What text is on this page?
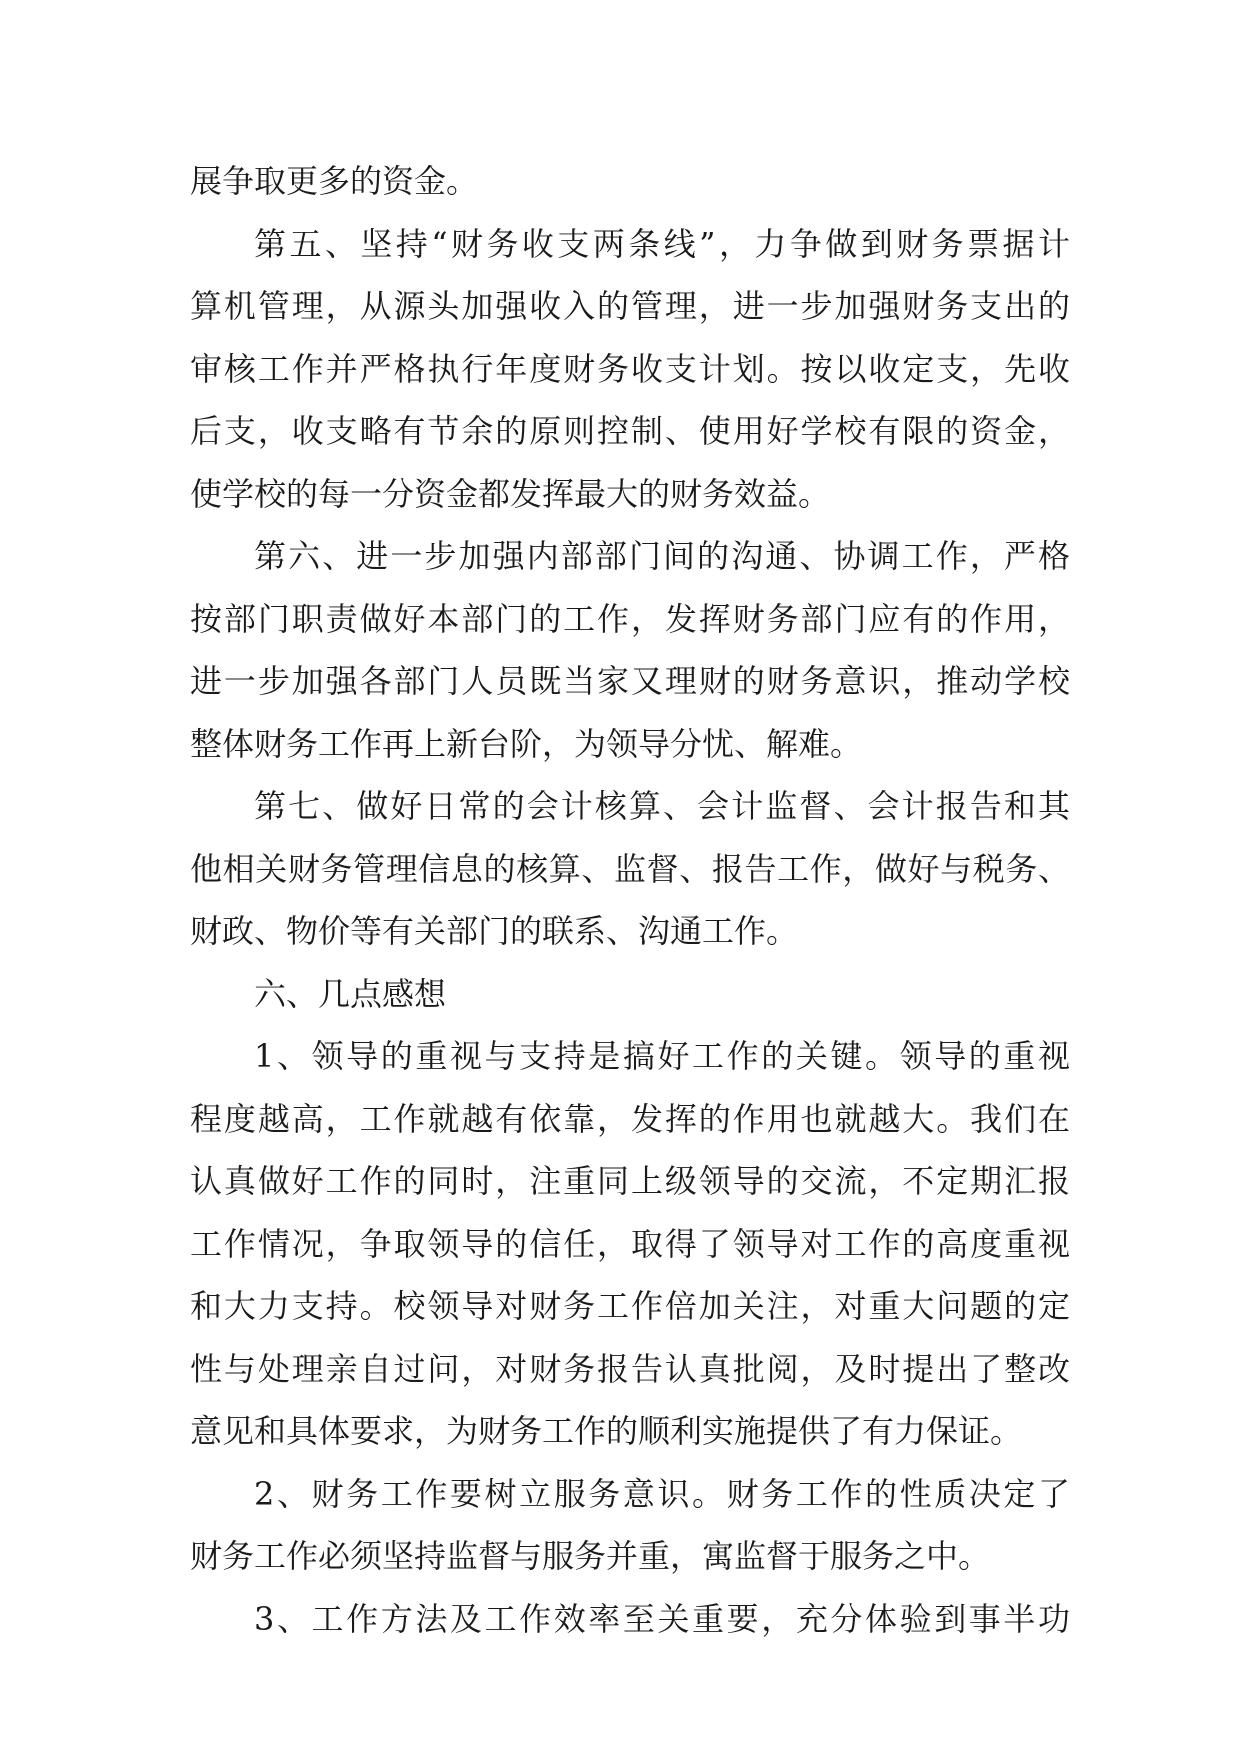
展争取更多的资金。
第五、坚持“财务收支两条线”，力争做到财务票据计
算机管理，从源头加强收入的管理，进一步加强财务支出的
审核工作并严格执行年度财务收支计划。按以收定支，先收
后支，收支略有节余的原则控制、使用好学校有限的资金，
使学校的每一分资金都发挥最大的财务效益。
第六、进一步加强内部部门间的沟通、协调工作，严格
按部门职责做好本部门的工作，发挥财务部门应有的作用，
进一步加强各部门人员既当家又理财的财务意识，推动学校
整体财务工作再上新台阶，为领导分忧、解难。
第七、做好日常的会计核算、会计监督、会计报告和其
他相关财务管理信息的核算、监督、报告工作，做好与税务、
财政、物价等有关部门的联系、沟通工作。
六、几点感想
1、领导的重视与支持是搞好工作的关键。领导的重视
程度越高，工作就越有依靠，发挥的作用也就越大。我们在
认真做好工作的同时，注重同上级领导的交流，不定期汇报
工作情况，争取领导的信任，取得了领导对工作的高度重视
和大力支持。校领导对财务工作倍加关注，对重大问题的定
性与处理亲自过问，对财务报告认真批阅，及时提出了整改
意见和具体要求，为财务工作的顺利实施提供了有力保证。
2、财务工作要树立服务意识。财务工作的性质决定了
财务工作必须坚持监督与服务并重，寓监督于服务之中。
3、工作方法及工作效率至关重要，充分体验到事半功
